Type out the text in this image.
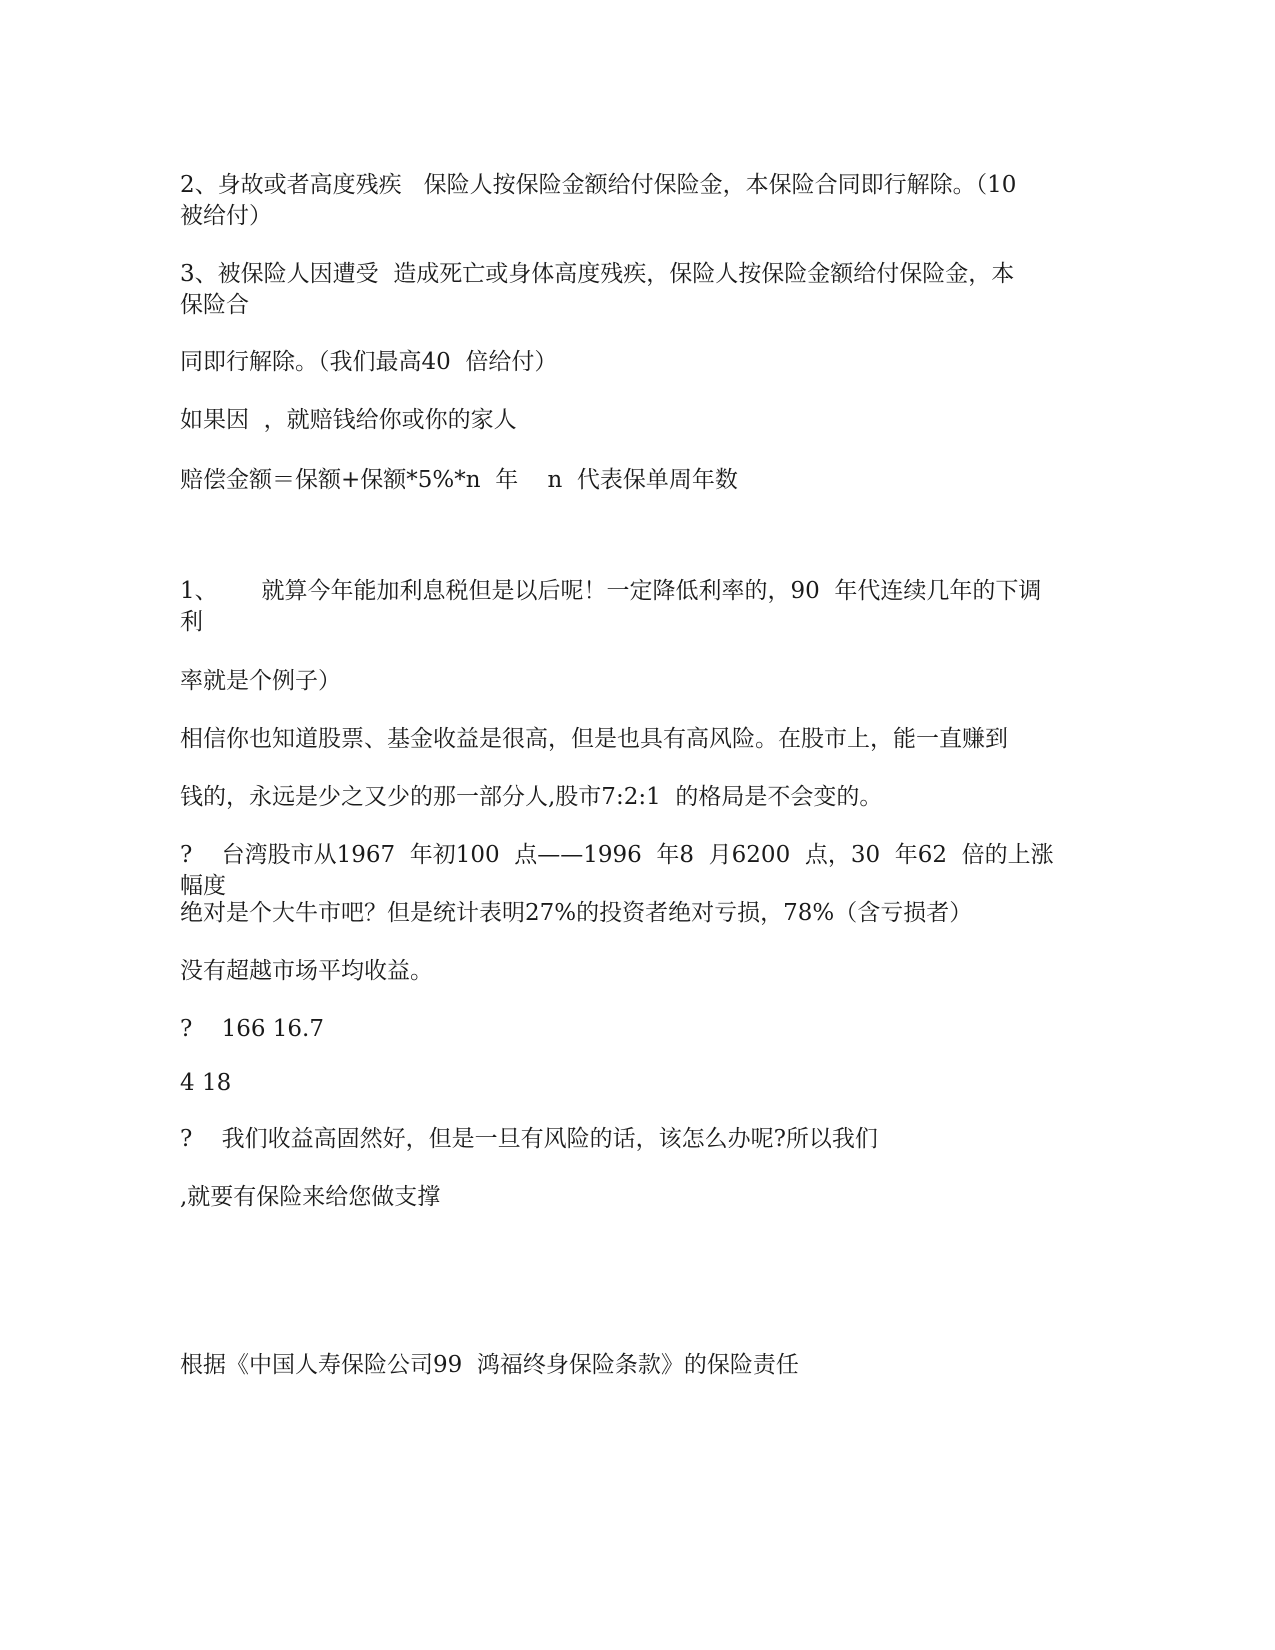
2、身故或者高度残疾   保险人按保险金额给付保险金，本保险合同即行解除。（10
被给付）

3、被保险人因遭受  造成死亡或身体高度残疾，保险人按保险金额给付保险金，本
保险合

同即行解除。（我们最高40  倍给付）

如果因  ，就赔钱给你或你的家人

赔偿金额＝保额+保额*5%*n  年    n  代表保单周年数

1、      就算今年能加利息税但是以后呢！一定降低利率的，90  年代连续几年的下调
利

率就是个例子）

相信你也知道股票、基金收益是很高，但是也具有高风险。在股市上，能一直赚到

钱的，永远是少之又少的那一部分人,股市7:2:1  的格局是不会变的。

?    台湾股市从1967  年初100  点——1996  年8  月6200  点，30  年62  倍的上涨幅度

绝对是个大牛市吧？但是统计表明27%的投资者绝对亏损，78%（含亏损者）

没有超越市场平均收益。

?    166 16.7

4 18

?    我们收益高固然好，但是一旦有风险的话，该怎么办呢?所以我们

,就要有保险来给您做支撑

根据《中国人寿保险公司99  鸿福终身保险条款》的保险责任
